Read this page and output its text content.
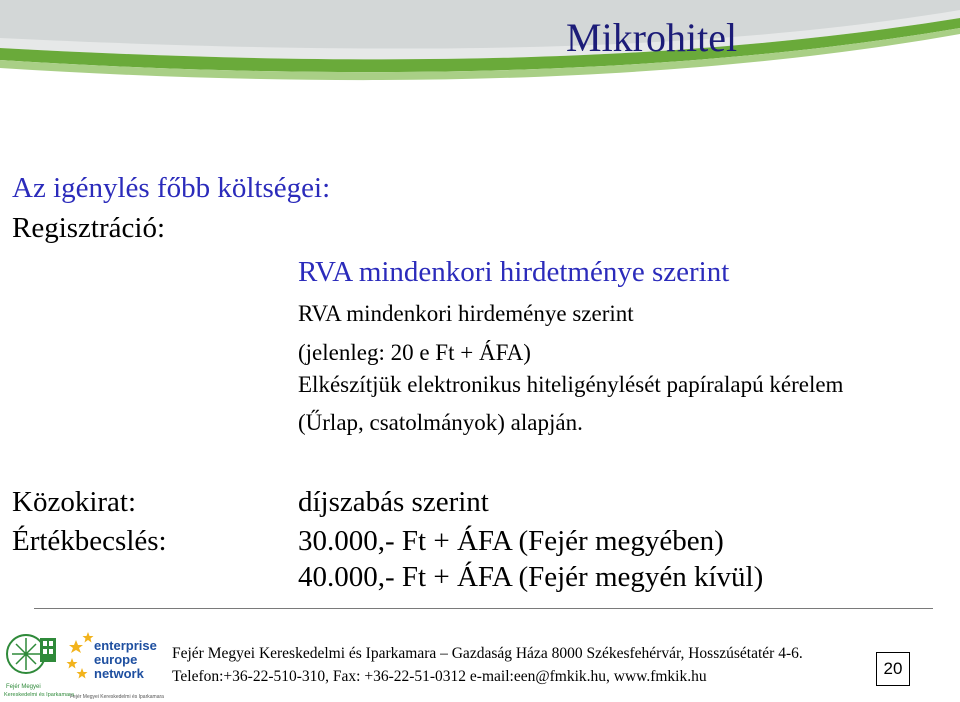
Mikrohitel
Az igénylés főbb költségei:
Regisztráció:
RVA mindenkori hirdetménye szerint
RVA mindenkori hirdeménye szerint
(jelenleg: 20 e Ft + ÁFA)
Elkészítjük elektronikus hiteligénylését papíralapú kérelem
(Űrlap, csatolmányok) alapján.
Közokirat:	díjszabás szerint
Értékbecslés:	30.000,- Ft + ÁFA (Fejér megyében)
40.000,- Ft + ÁFA (Fejér megyén kívül)
Fejér Megyei
Kereskedelmi és Iparkamara
enterprise
europe
network
Fejér Megyei Kereskedelmi és Iparkamara
Fejér Megyei Kereskedelmi és Iparkamara – Gazdaság Háza 8000 Székesfehérvár, Hosszúsétatér 4-6.
Telefon:+36-22-510-310, Fax: +36-22-51-0312 e-mail:een@fmkik.hu, www.fmkik.hu	20
